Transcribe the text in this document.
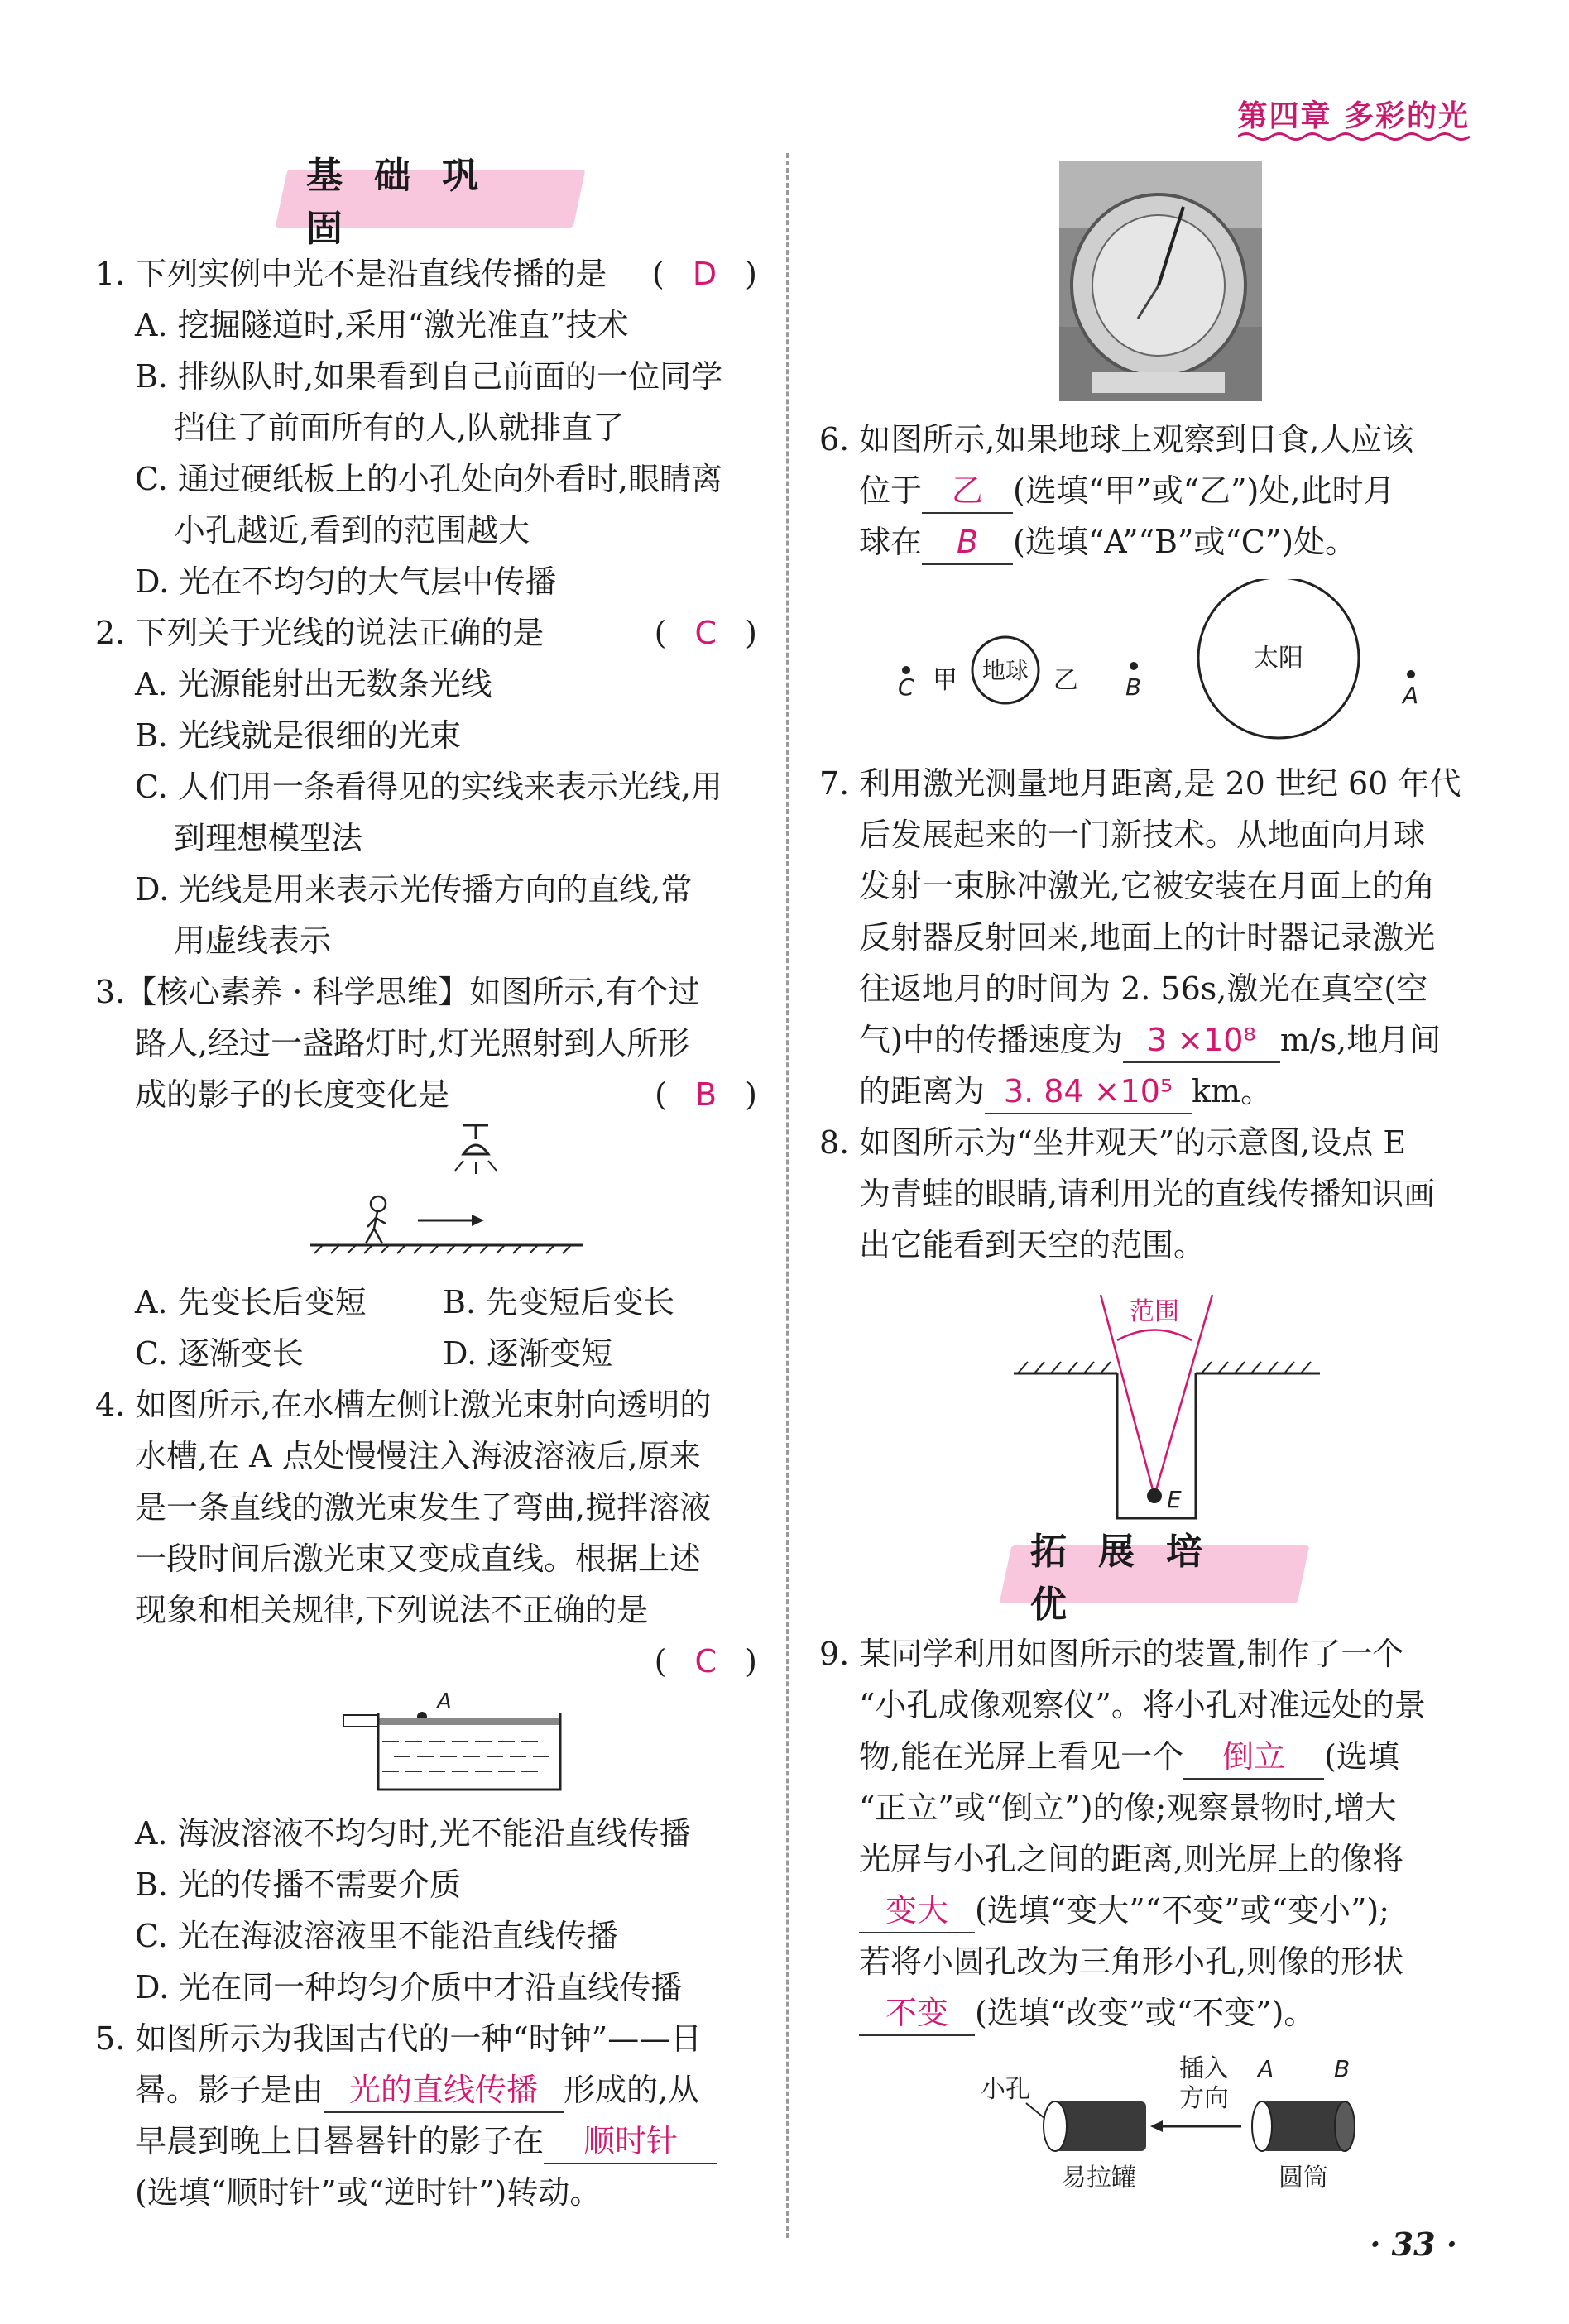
第四章 多彩的光
基础巩固
1. 下列实例中光不是沿直线传播的是 ( D )
A. 挖掘隧道时,采用“激光准直”技术
B. 排纵队时,如果看到自己前面的一位同学
挡住了前面所有的人,队就排直了
C. 通过硬纸板上的小孔处向外看时,眼睛离
小孔越近,看到的范围越大
D. 光在不均匀的大气层中传播
2. 下列关于光线的说法正确的是	( C )
A. 光源能射出无数条光线
B. 光线就是很细的光束
C. 人们用一条看得见的实线来表示光线,用
到理想模型法
D. 光线是用来表示光传播方向的直线,常
用虚线表示
3.【核心素养 · 科学思维】如图所示,有个过
路人,经过一盏路灯时,灯光照射到人所形
成的影子的长度变化是	( B )
A. 先变长后变短 B. 先变短后变长
C. 逐渐变长	D. 逐渐变短
4. 如图所示,在水槽左侧让激光束射向透明的
水槽,在 A 点处慢慢注入海波溶液后,原来
是一条直线的激光束发生了弯曲,搅拌溶液
一段时间后激光束又变成直线。根据上述
现象和相关规律,下列说法不正确的是
( C )
A
A. 海波溶液不均匀时,光不能沿直线传播
B. 光的传播不需要介质
C. 光在海波溶液里不能沿直线传播
D. 光在同一种均匀介质中才沿直线传播
5. 如图所示为我国古代的一种“时钟”——日
晷。影子是由 光的直线传播 形成的,从
早晨到晚上日晷晷针的影子在 顺时针
(选填“顺时针”或“逆时针”)转动。
6. 如图所示,如果地球上观察到日食,人应该
位于 乙 (选填“甲”或“乙”)处,此时月
球在 B (选填“A”“B”或“C”)处。
C 甲 地球 乙 B
太阳
A
7. 利用激光测量地月距离,是 20 世纪 60 年代
后发展起来的一门新技术。从地面向月球
发射一束脉冲激光,它被安装在月面上的角
反射器反射回来,地面上的计时器记录激光
往返地月的时间为 2. 56s,激光在真空(空
气)中的传播速度为 3 ×10⁸ m/s,地月间
的距离为 3. 84 ×10⁵ km。
8. 如图所示为“坐井观天”的示意图,设点 E
为青蛙的眼睛,请利用光的直线传播知识画
出它能看到天空的范围。
范围
E
拓展培优
9. 某同学利用如图所示的装置,制作了一个
“小孔成像观察仪”。将小孔对准远处的景
物,能在光屏上看见一个 倒立 (选填
“正立”或“倒立”)的像;观察景物时,增大
光屏与小孔之间的距离,则光屏上的像将
变大 (选填“变大”“不变”或“变小”);
若将小圆孔改为三角形小孔,则像的形状
不变 (选填“改变”或“不变”)。
小孔
易拉罐
插入
方向
A	B
圆筒
· 33 ·
